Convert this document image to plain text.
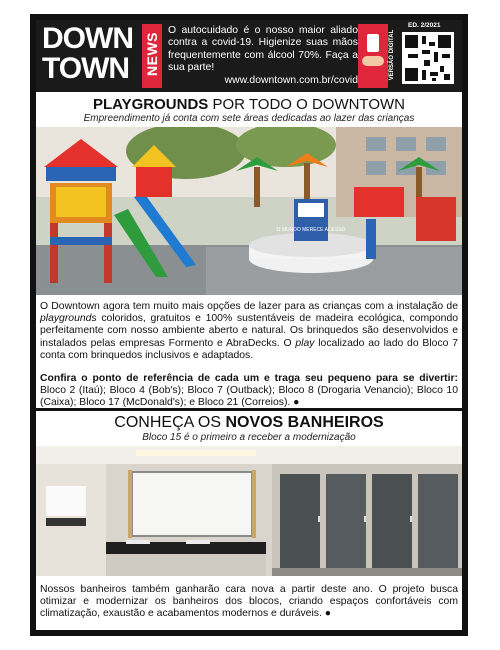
DOWN
TOWN	NEWS
O autocuidado é o nosso maior aliado contra a covid-19. Higienize suas mãos frequentemente com álcool 70%. Faça a sua parte!
www.downtown.com.br/covid	VERSÃO DIGITAL
ED. 2/2021
PLAYGROUNDS POR TODO O DOWNTOWN
Empreendimento já conta com sete áreas dedicadas ao lazer das crianças
O MUNDO MERECE ACESSO
O Downtown agora tem muito mais opções de lazer para as crianças com a instalação de playgrounds coloridos, gratuitos e 100% sustentáveis de madeira ecológica, compondo perfeitamente com nosso ambiente aberto e natural. Os brinquedos são desenvolvidos e instalados pelas empresas Formento e AbraDecks. O play localizado ao lado do Bloco 7 conta com brinquedos inclusivos e adaptados.
Confira o ponto de referência de cada um e traga seu pequeno para se divertir: Bloco 2 (Itaú); Bloco 4 (Bob's); Bloco 7 (Outback); Bloco 8 (Drogaria Venancio); Bloco 10 (Caixa); Bloco 17 (McDonald's); e Bloco 21 (Correios). ●
CONHEÇA OS NOVOS BANHEIROS
Bloco 15 é o primeiro a receber a modernização
Nossos banheiros também ganharão cara nova a partir deste ano. O projeto busca otimizar e modernizar os banheiros dos blocos, criando espaços confortáveis com climatização, exaustão e acabamentos modernos e duráveis. ●
